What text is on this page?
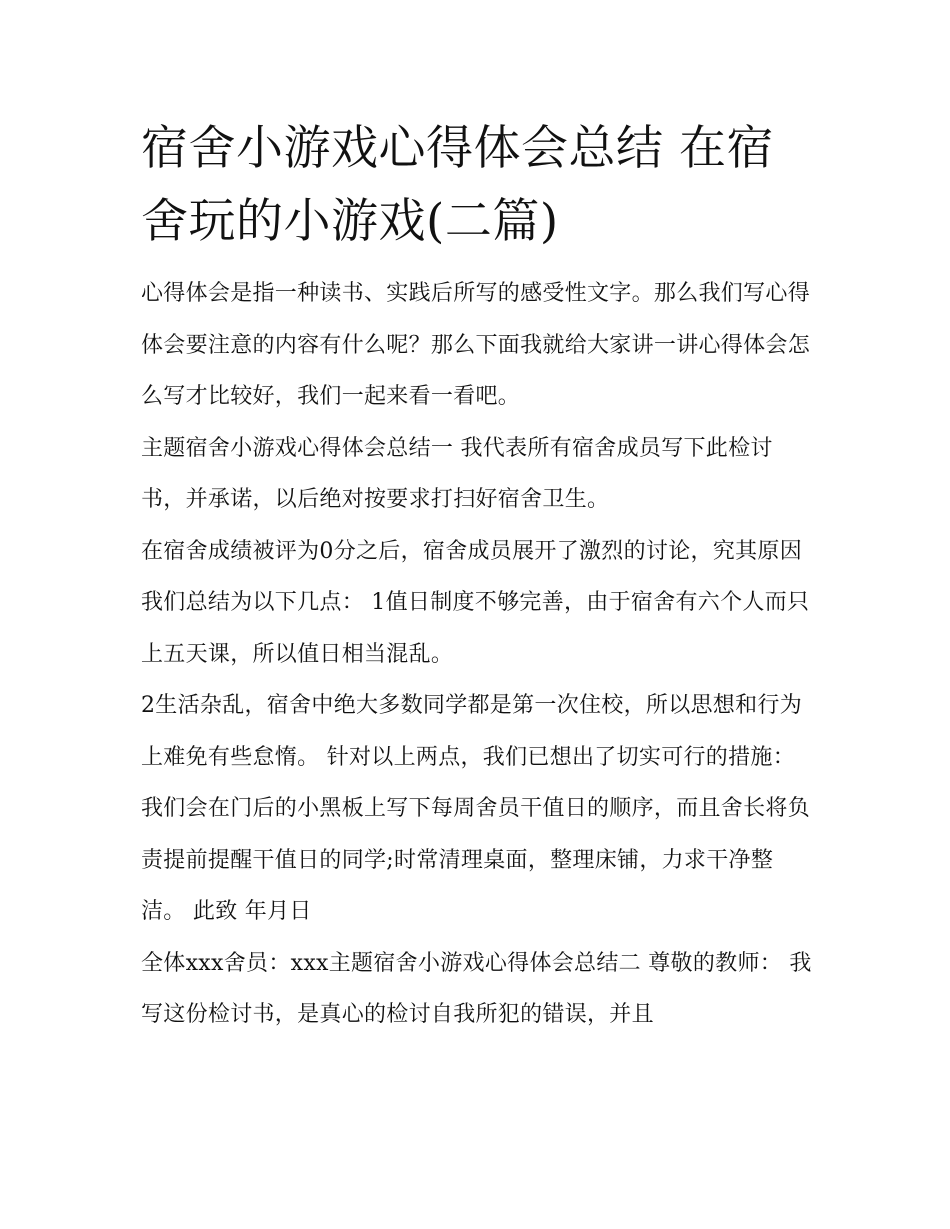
宿舍小游戏心得体会总结 在宿舍玩的小游戏(二篇)

心得体会是指一种读书、实践后所写的感受性文字。那么我们写心得体会要注意的内容有什么呢？那么下面我就给大家讲一讲心得体会怎么写才比较好，我们一起来看一看吧。

主题宿舍小游戏心得体会总结一 我代表所有宿舍成员写下此检讨书，并承诺，以后绝对按要求打扫好宿舍卫生。

在宿舍成绩被评为0分之后，宿舍成员展开了激烈的讨论，究其原因我们总结为以下几点： 1值日制度不够完善，由于宿舍有六个人而只上五天课，所以值日相当混乱。

2生活杂乱，宿舍中绝大多数同学都是第一次住校，所以思想和行为上难免有些怠惰。 针对以上两点，我们已想出了切实可行的措施：

我们会在门后的小黑板上写下每周舍员干值日的顺序，而且舍长将负责提前提醒干值日的同学;时常清理桌面，整理床铺，力求干净整洁。 此致 年月日

全体xxx舍员：xxx主题宿舍小游戏心得体会总结二 尊敬的教师： 我写这份检讨书，是真心的检讨自我所犯的错误，并且
